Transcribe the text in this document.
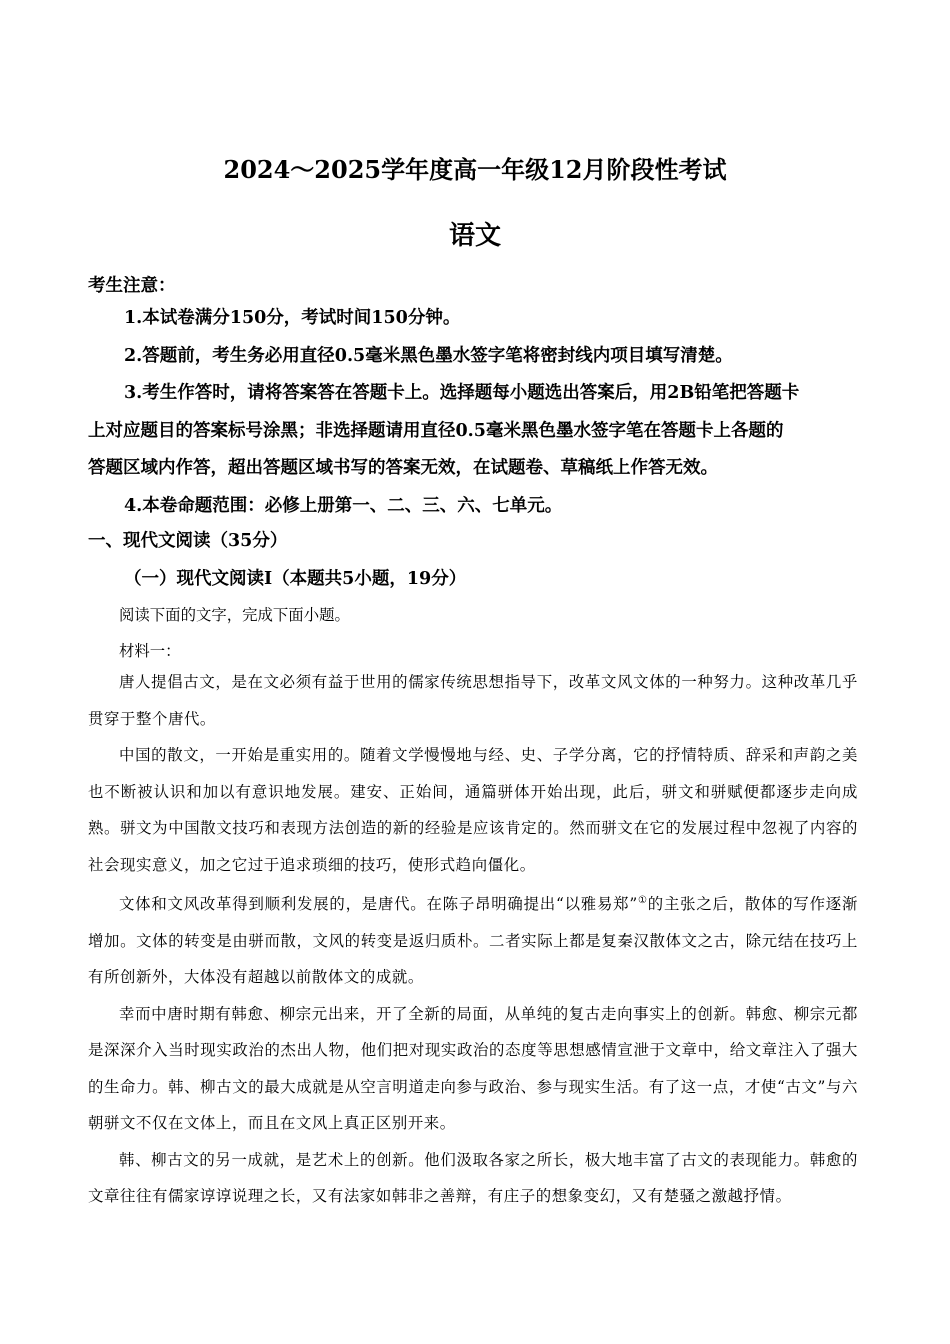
2024～2025学年度高一年级12月阶段性考试
语文
考生注意：
1.本试卷满分150分，考试时间150分钟。
2.答题前，考生务必用直径0.5毫米黑色墨水签字笔将密封线内项目填写清楚。
3.考生作答时，请将答案答在答题卡上。选择题每小题选出答案后，用2B铅笔把答题卡
上对应题目的答案标号涂黑；非选择题请用直径0.5毫米黑色墨水签字笔在答题卡上各题的
答题区域内作答，超出答题区域书写的答案无效，在试题卷、草稿纸上作答无效。
4.本卷命题范围：必修上册第一、二、三、六、七单元。
一、现代文阅读（35分）
（一）现代文阅读Ⅰ（本题共5小题，19分）
阅读下面的文字，完成下面小题。
材料一：

唐人提倡古文，是在文必须有益于世用的儒家传统思想指导下，改革文风文体的一种努力。这种改革几乎贯穿于整个唐代。

中国的散文，一开始是重实用的。随着文学慢慢地与经、史、子学分离，它的抒情特质、辞采和声韵之美也不断被认识和加以有意识地发展。建安、正始间，通篇骈体开始出现，此后，骈文和骈赋便都逐步走向成熟。骈文为中国散文技巧和表现方法创造的新的经验是应该肯定的。然而骈文在它的发展过程中忽视了内容的社会现实意义，加之它过于追求琐细的技巧，使形式趋向僵化。

文体和文风改革得到顺利发展的，是唐代。在陈子昂明确提出“以雅易郑”①的主张之后，散体的写作逐渐增加。文体的转变是由骈而散，文风的转变是返归质朴。二者实际上都是复秦汉散体文之古，除元结在技巧上有所创新外，大体没有超越以前散体文的成就。

幸而中唐时期有韩愈、柳宗元出来，开了全新的局面，从单纯的复古走向事实上的创新。韩愈、柳宗元都是深深介入当时现实政治的杰出人物，他们把对现实政治的态度等思想感情宣泄于文章中，给文章注入了强大的生命力。韩、柳古文的最大成就是从空言明道走向参与政治、参与现实生活。有了这一点，才使“古文”与六朝骈文不仅在文体上，而且在文风上真正区别开来。

韩、柳古文的另一成就，是艺术上的创新。他们汲取各家之所长，极大地丰富了古文的表现能力。韩愈的文章往往有儒家谆谆说理之长，又有法家如韩非之善辩，有庄子的想象变幻，又有楚骚之激越抒情。
